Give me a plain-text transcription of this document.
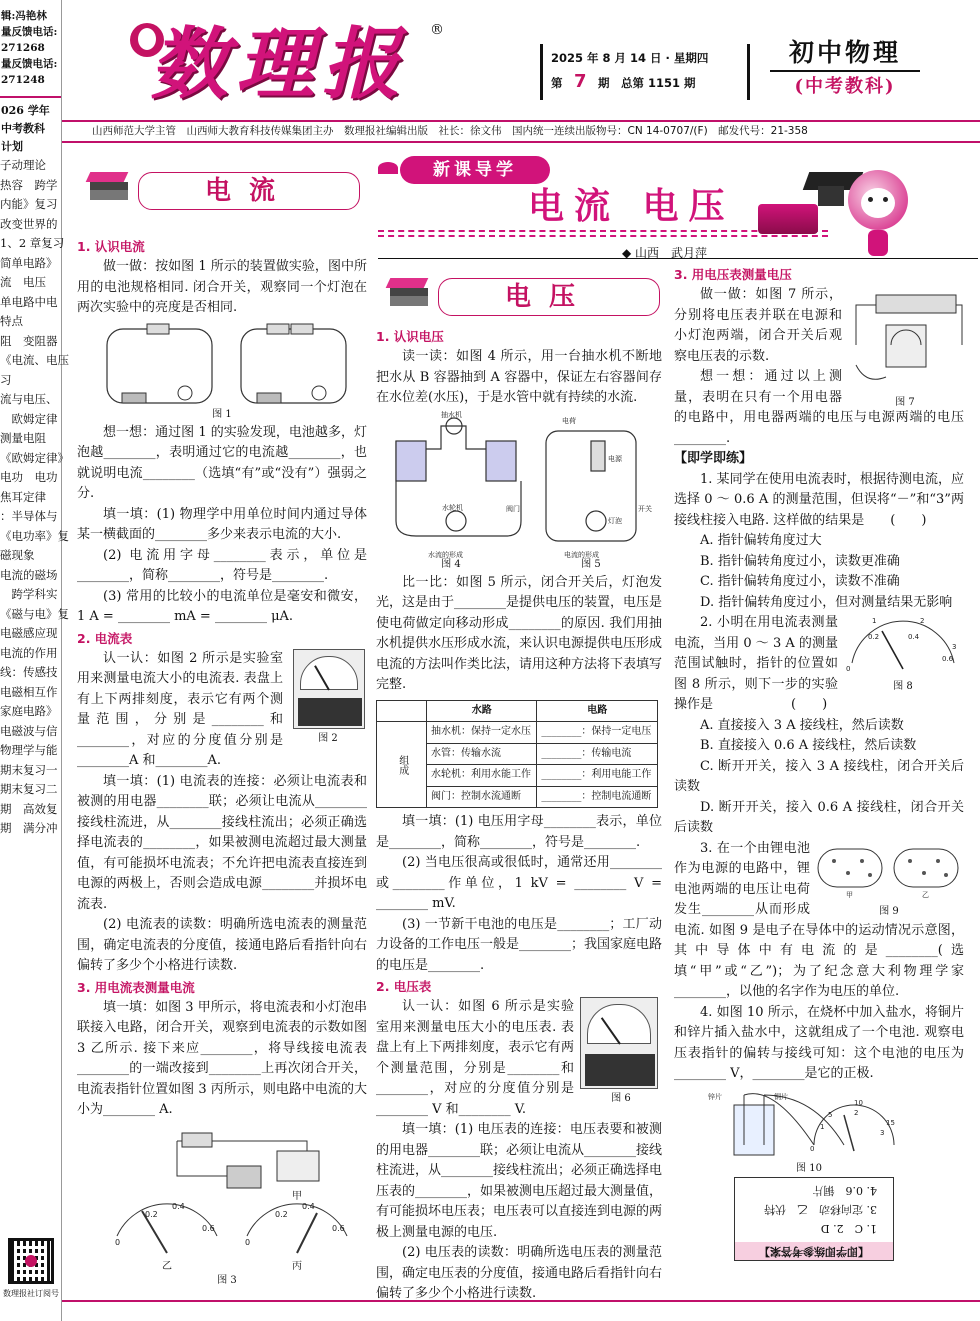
辑:冯艳林
量反馈电话:
271268
量反馈电话:
271248
026 学年
中考教科
计划
子动理论
热容　跨学
内能》复习
改变世界的
1、2 章复习
简单电路》
流　电压
单电路中电
特点
阻　变阻器
《电流、电压
习
流与电压、
　欧姆定律
测量电阻
《欧姆定律》
电功　电功
焦耳定律
：半导体与
《电功率》复
磁现象
电流的磁场
　跨学科实
《磁与电》复
电磁感应现
电流的作用
线：传感技
电磁相互作
家庭电路》
电磁波与信
物理学与能
期末复习一
期末复习二
期　高效复
期　满分冲
数理报社订阅号
数理报 ®
2025 年 8 月 14 日 · 星期四
第　 7　 期　总第 1151 期
初中物理
(中考教科)
山西师范大学主管　山西师大教育科技传媒集团主办　数理报社编辑出版　社长：徐文伟　国内统一连续出版物号：CN 14-0707/(F)　邮发代号：21-358
新课导学
电流 电压
◆ 山西　武月萍
电流
1. 认识电流

做一做：按如图 1 所示的装置做实验，图中所用的电池规格相同. 闭合开关，观察同一个灯泡在两次实验中的亮度是否相同.

图 1

想一想：通过图 1 的实验发现，电池越多，灯泡越________，表明通过它的电流越________，也就说明电流________（选填“有”或“没有”）强弱之分.

填一填：(1) 物理学中用单位时间内通过导体某一横截面的________多少来表示电流的大小.

(2) 电流用字母________表示，单位是________，简称________，符号是________.

(3) 常用的比较小的电流单位是毫安和微安，1 A = ________ mA = ________ μA.

2. 电流表
图 2

认一认：如图 2 所示是实验室用来测量电流大小的电流表. 表盘上有上下两排刻度，表示它有两个测量范围，分别是________和________，对应的分度值分别是________A 和________A.

填一填：(1) 电流表的连接：必须让电流表和被测的用电器________联；必须让电流从________接线柱流进，从________接线柱流出；必须正确选择电流表的________，如果被测电流超过最大测量值，有可能损坏电流表；不允许把电流表直接连到电源的两极上，否则会造成电源________并损坏电流表.

(2) 电流表的读数：明确所选电流表的测量范围，确定电流表的分度值，接通电路后看指针向右偏转了多少个小格进行读数.

3. 用电流表测量电流

填一填：如图 3 甲所示，将电流表和小灯泡串联接入电路，闭合开关，观察到电流表的示数如图 3 乙所示. 接下来应________，将导线接电流表________的一端改接到________上再次闭合开关，电流表指针位置如图 3 丙所示，则电路中电流的大小为________ A.

0
0.2
0.4
0.6
0
0.2
0.4
0.6
甲
乙	丙
图 3
电压
1. 认识电压

读一读：如图 4 所示，用一台抽水机不断地把水从 B 容器抽到 A 容器中，保证左右容器间存在水位差(水压)，于是水管中就有持续的水流.

抽水机
水流的形成
水轮机	阀门
电荷
电源
灯泡
开关
电流的形成
图 4	图 5

比一比：如图 5 所示，闭合开关后，灯泡发光，这是由于________是提供电压的装置，电压是使电荷做定向移动形成________的原因. 我们用抽水机提供水压形成水流，来认识电源提供电压形成电流的方法叫作类比法，请用这种方法将下表填写完整.

	水路	电路
组成	抽水机：保持一定水压	________：保持一定电压
	水管：传输水流	________：传输电流
	水轮机：利用水能工作	________：利用电能工作
	阀门：控制水流通断	________：控制电流通断

填一填：(1) 电压用字母________表示，单位是________，简称________，符号是________.

(2) 当电压很高或很低时，通常还用________或________作单位，1 kV = ________ V = ________ mV.

(3) 一节新干电池的电压是________；工厂动力设备的工作电压一般是________；我国家庭电路的电压是________.

2. 电压表
图 6

认一认：如图 6 所示是实验室用来测量电压大小的电压表. 表盘上有上下两排刻度，表示它有两个测量范围，分别是________和________，对应的分度值分别是________ V 和________ V.

填一填：(1) 电压表的连接：电压表要和被测的用电器________联；必须让电流从________接线柱流进，从________接线柱流出；必须正确选择电压表的________，如果被测电压超过最大测量值，有可能损坏电压表；电压表可以直接连到电源的两极上测量电源的电压.

(2) 电压表的读数：明确所选电压表的测量范围，确定电压表的分度值，接通电路后看指针向右偏转了多少个小格进行读数.

3. 用电压表测量电压
图 7

做一做：如图 7 所示，分别将电压表并联在电源和小灯泡两端，闭合开关后观察电压表的示数.

想一想：通过以上测量，表明在只有一个用电器的电路中，用电器两端的电压与电源两端的电压________.

【即学即练】

1. 某同学在使用电流表时，根据待测电流，应选择 0 ～ 0.6 A 的测量范围，但误将“－”和“3”两接线柱接入电路. 这样做的结果是　　(　　)

A. 指针偏转角度过大

B. 指针偏转角度过小，读数更准确

C. 指针偏转角度过小，读数不准确

D. 指针偏转角度过小，但对测量结果无影响

0
0.2	0.4
0.6
1	2
3
图 8

2. 小明在用电流表测量电流，当用 0 ～ 3 A 的测量范围试触时，指针的位置如图 8 所示，则下一步的实验操作是　　　　　　(　　)

A. 直接接入 3 A 接线柱，然后读数

B. 直接接入 0.6 A 接线柱，然后读数

C. 断开开关，接入 3 A 接线柱，闭合开关后读数

D. 断开开关，接入 0.6 A 接线柱，闭合开关后读数

甲	乙
图 9

3. 在一个由锂电池作为电源的电路中，锂电池两端的电压让电荷发生________从而形成电流. 如图 9 是电子在导体中的运动情况示意图，其中导体中有电流的是________(选填“甲”或“乙”)；为了纪念意大利物理学家________，以他的名字作为电压的单位.

4. 如图 10 所示，在烧杯中加入盐水，将铜片和锌片插入盐水中，这就组成了一个电池. 观察电压表指针的偏转与接线可知：这个电池的电压为________ V，________是它的正极.

锌片	铜片
0
5
10
15
1
2
3
图 10
【即学即练参考答案】
1. C　2. D
3. 定向移动　乙　伏特
4. 0.6　铜片
